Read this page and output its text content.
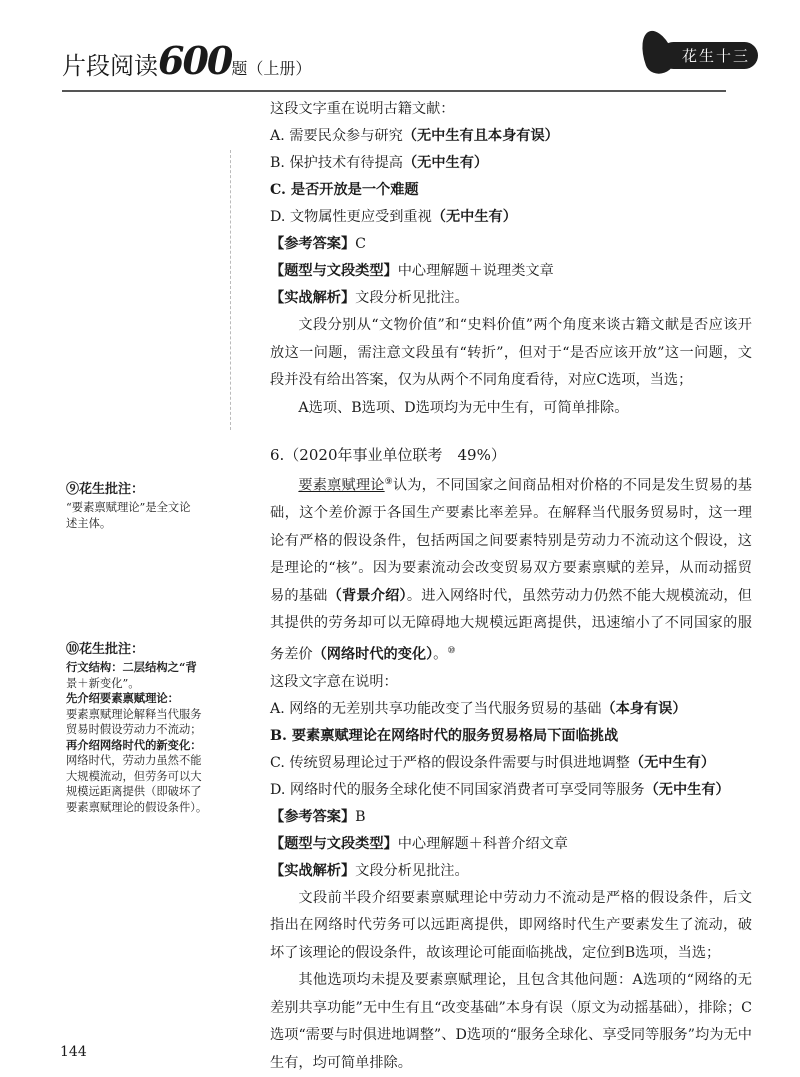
片段阅读600题（上册）
花生十三
这段文字重在说明古籍文献：
A. 需要民众参与研究（无中生有且本身有误）
B. 保护技术有待提高（无中生有）
C. 是否开放是一个难题
D. 文物属性更应受到重视（无中生有）
【参考答案】C
【题型与文段类型】中心理解题＋说理类文章
【实战解析】文段分析见批注。

文段分别从“文物价值”和“史料价值”两个角度来谈古籍文献是否应该开放这一问题，需注意文段虽有“转折”，但对于“是否应该开放”这一问题，文段并没有给出答案，仅为从两个不同角度看待，对应C选项，当选；

A选项、B选项、D选项均为无中生有，可简单排除。

6.（2020年事业单位联考　49%）

要素禀赋理论⑨认为，不同国家之间商品相对价格的不同是发生贸易的基础，这个差价源于各国生产要素比率差异。在解释当代服务贸易时，这一理论有严格的假设条件，包括两国之间要素特别是劳动力不流动这个假设，这是理论的“核”。因为要素流动会改变贸易双方要素禀赋的差异，从而动摇贸易的基础（背景介绍）。进入网络时代，虽然劳动力仍然不能大规模流动，但其提供的劳务却可以无障碍地大规模远距离提供，迅速缩小了不同国家的服务差价（网络时代的变化）。⑩

这段文字意在说明：
A. 网络的无差别共享功能改变了当代服务贸易的基础（本身有误）
B. 要素禀赋理论在网络时代的服务贸易格局下面临挑战
C. 传统贸易理论过于严格的假设条件需要与时俱进地调整（无中生有）
D. 网络时代的服务全球化使不同国家消费者可享受同等服务（无中生有）
【参考答案】B
【题型与文段类型】中心理解题＋科普介绍文章
【实战解析】文段分析见批注。

文段前半段介绍要素禀赋理论中劳动力不流动是严格的假设条件，后文指出在网络时代劳务可以远距离提供，即网络时代生产要素发生了流动，破坏了该理论的假设条件，故该理论可能面临挑战，定位到B选项，当选；

其他选项均未提及要素禀赋理论，且包含其他问题：A选项的“网络的无差别共享功能”无中生有且“改变基础”本身有误（原文为动摇基础），排除；C选项“需要与时俱进地调整”、D选项的“服务全球化、享受同等服务”均为无中生有，均可简单排除。

⑨花生批注：
“要素禀赋理论”是全文论
述主体。
⑩花生批注：
行文结构：二层结构之“背
景＋新变化”。
先介绍要素禀赋理论：
要素禀赋理论解释当代服务
贸易时假设劳动力不流动；
再介绍网络时代的新变化：
网络时代，劳动力虽然不能
大规模流动，但劳务可以大
规模远距离提供（即破坏了
要素禀赋理论的假设条件）。
144
